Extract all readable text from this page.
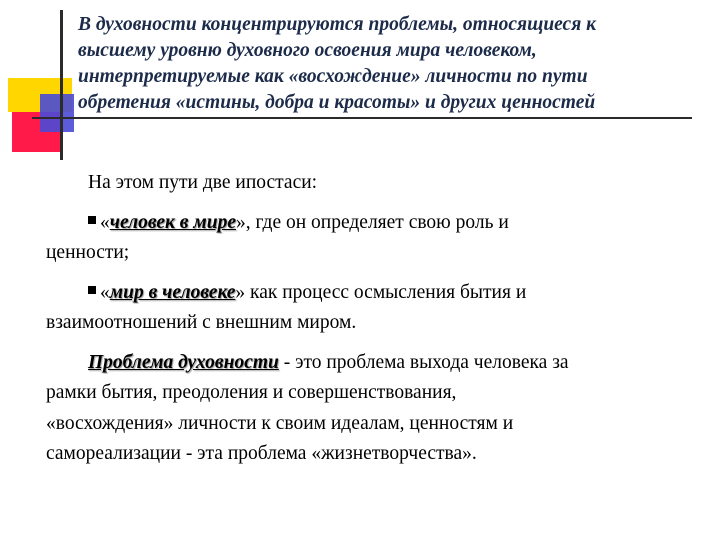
В духовности концентрируются проблемы, относящиеся к
высшему уровню духовного освоения мира человеком,
интерпретируемые как «восхождение» личности по пути
обретения «истины, добра и красоты» и других ценностей

На этом пути две ипостаси:

«человек в мире», где он определяет свою роль и
ценности;

«мир в человеке» как процесс осмысления бытия и
взаимоотношений с внешним миром.

Проблема духовности - это проблема выхода человека за
рамки бытия, преодоления и совершенствования,
«восхождения» личности к своим идеалам, ценностям и
самореализации - эта проблема «жизнетворчества».
